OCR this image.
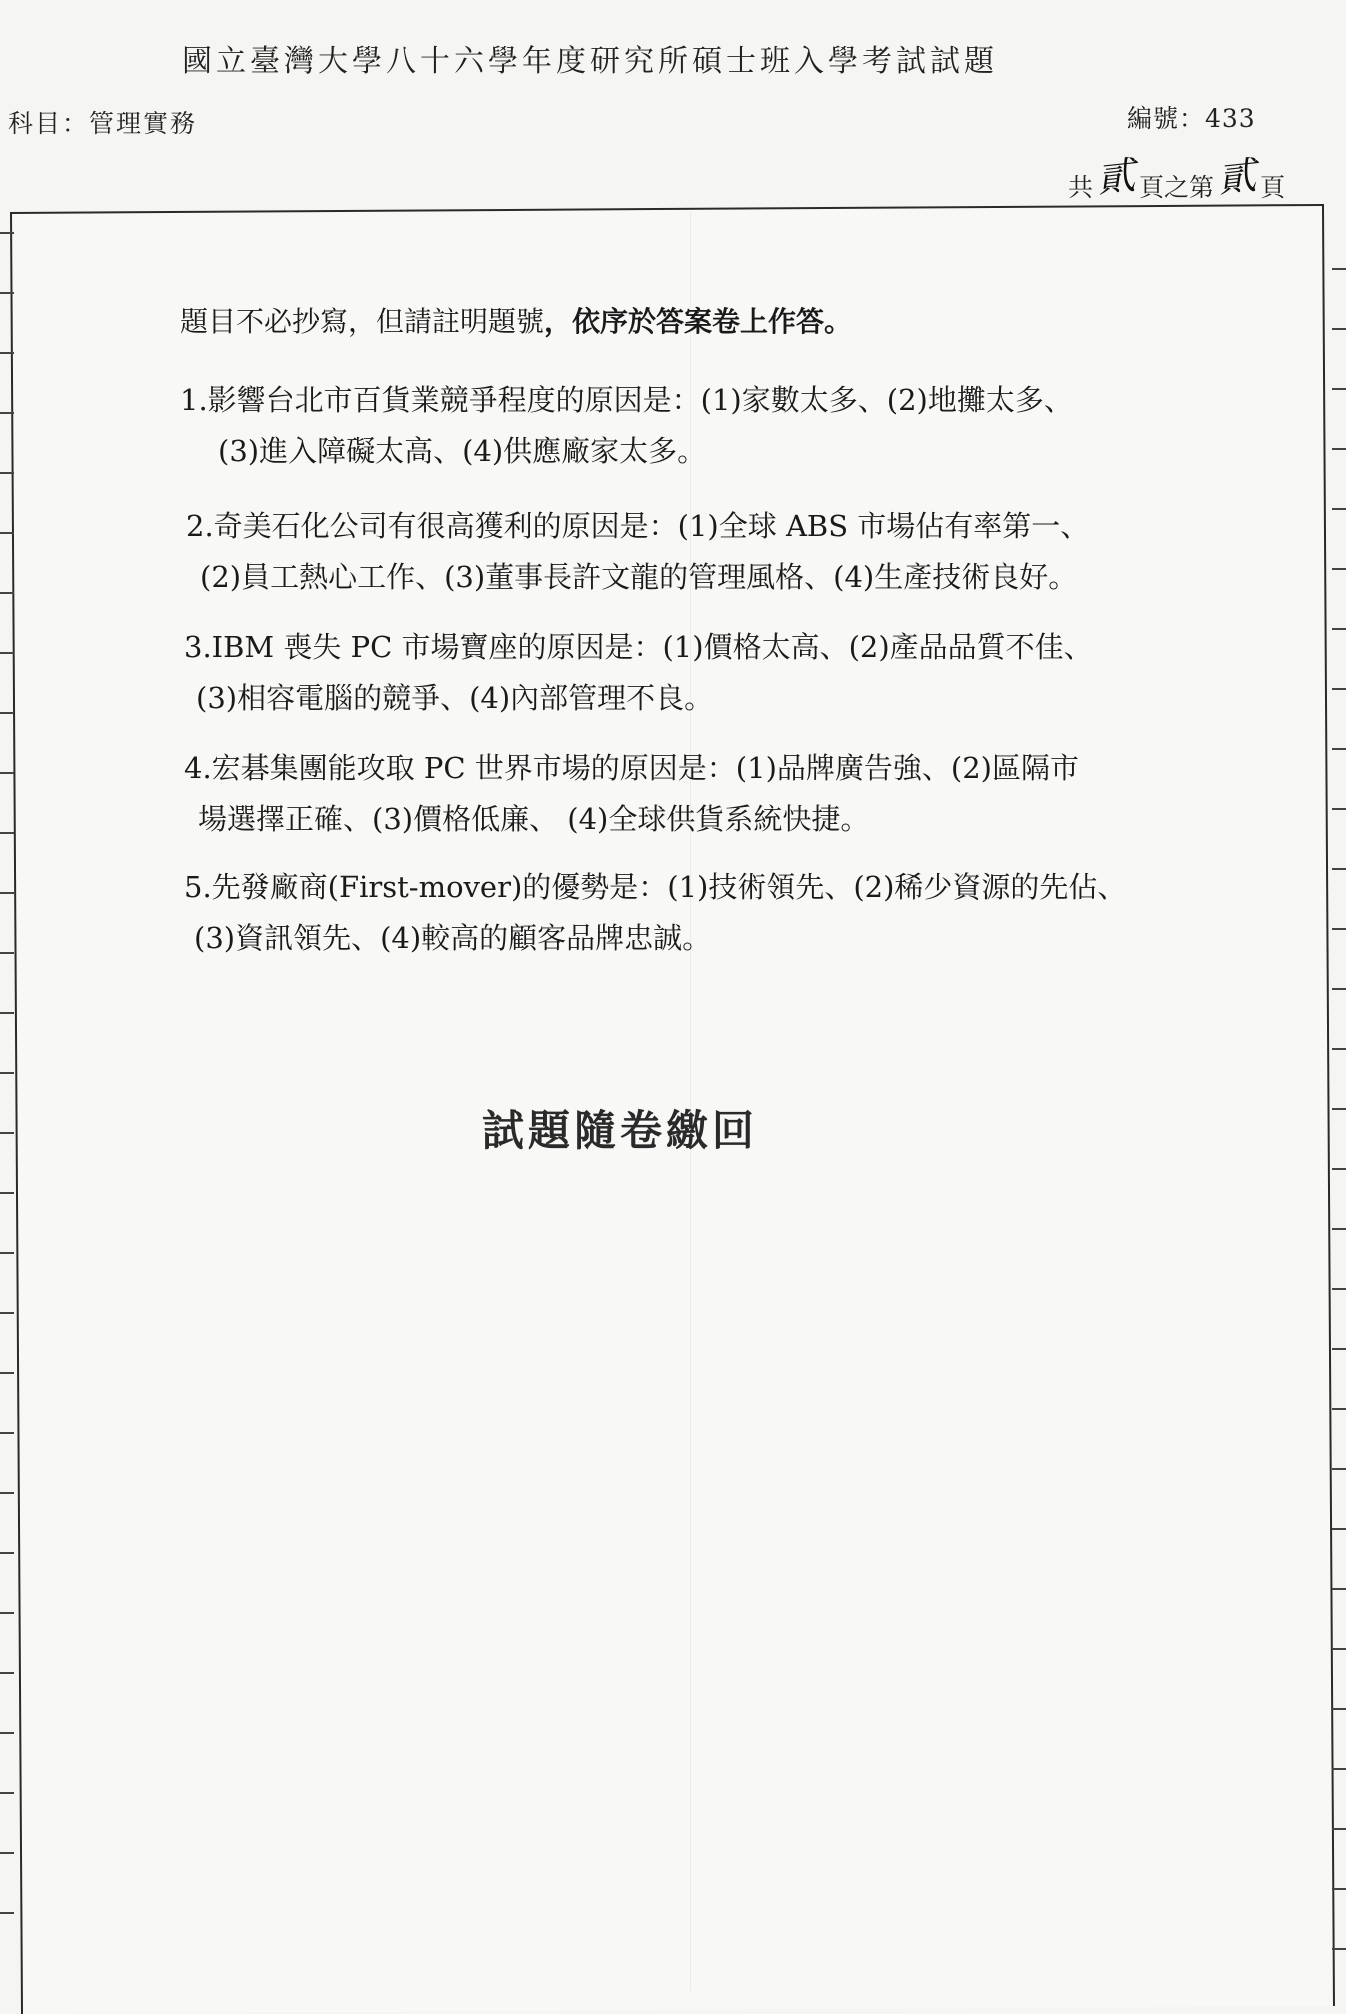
國立臺灣大學八十六學年度研究所碩士班入學考試試題
科目：管理實務	編號：433
共貳頁之第貳頁
題目不必抄寫，但請註明題號，依序於答案卷上作答。
1.影響台北市百貨業競爭程度的原因是：(1)家數太多、(2)地攤太多、
(3)進入障礙太高、(4)供應廠家太多。
2.奇美石化公司有很高獲利的原因是：(1)全球 ABS 市場佔有率第一、
(2)員工熱心工作、(3)董事長許文龍的管理風格、(4)生產技術良好。
3.IBM 喪失 PC 市場寶座的原因是：(1)價格太高、(2)產品品質不佳、
(3)相容電腦的競爭、(4)內部管理不良。
4.宏碁集團能攻取 PC 世界市場的原因是：(1)品牌廣告強、(2)區隔市
場選擇正確、(3)價格低廉、 (4)全球供貨系統快捷。
5.先發廠商(First-mover)的優勢是：(1)技術領先、(2)稀少資源的先佔、
(3)資訊領先、(4)較高的顧客品牌忠誠。
試題隨卷繳回
